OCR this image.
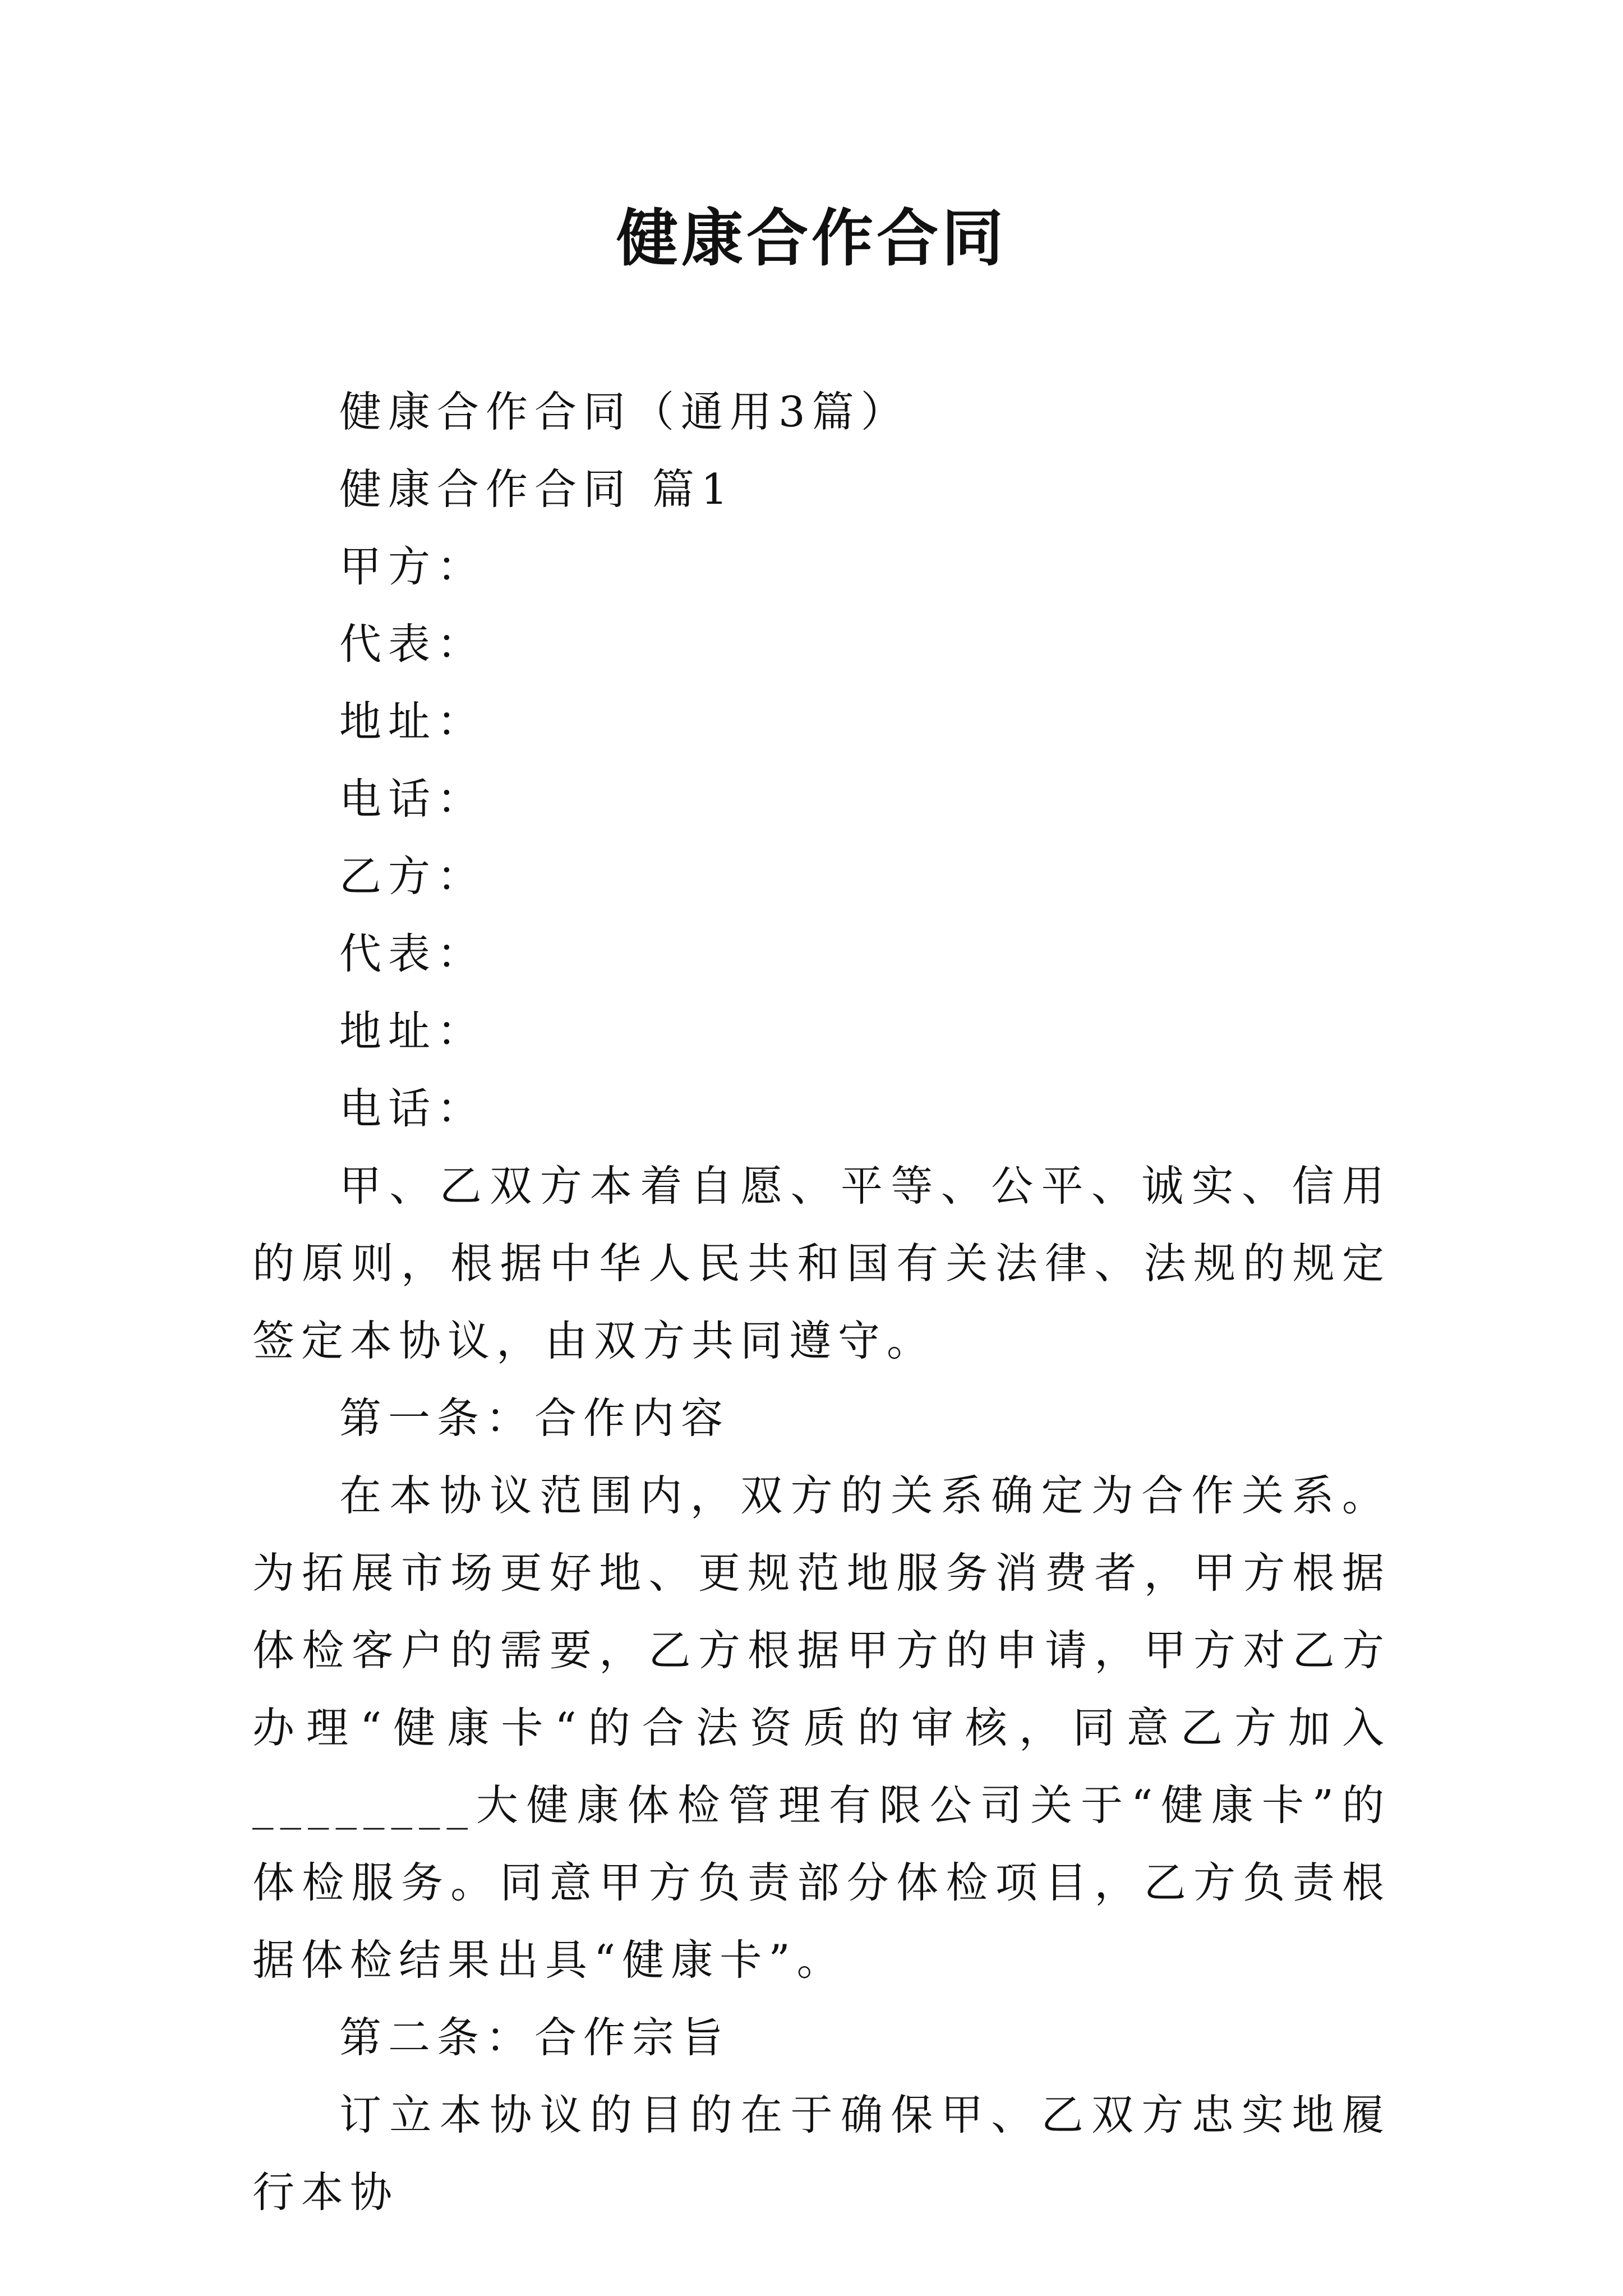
健康合作合同

健康合作合同（通用3篇）

健康合作合同 篇1

甲方：

代表：

地址：

电话：

乙方：

代表：

地址：

电话：

甲、乙双方本着自愿、平等、公平、诚实、信用的原则，根据中华人民共和国有关法律、法规的规定签定本协议，由双方共同遵守。

第一条：合作内容

在本协议范围内，双方的关系确定为合作关系。为拓展市场更好地、更规范地服务消费者，甲方根据体检客户的需要，乙方根据甲方的申请，甲方对乙方办理“健康卡“的合法资质的审核，同意乙方加入________大健康体检管理有限公司关于“健康卡”的体检服务。同意甲方负责部分体检项目，乙方负责根据体检结果出具“健康卡”。

第二条：合作宗旨

订立本协议的目的在于确保甲、乙双方忠实地履行本协
